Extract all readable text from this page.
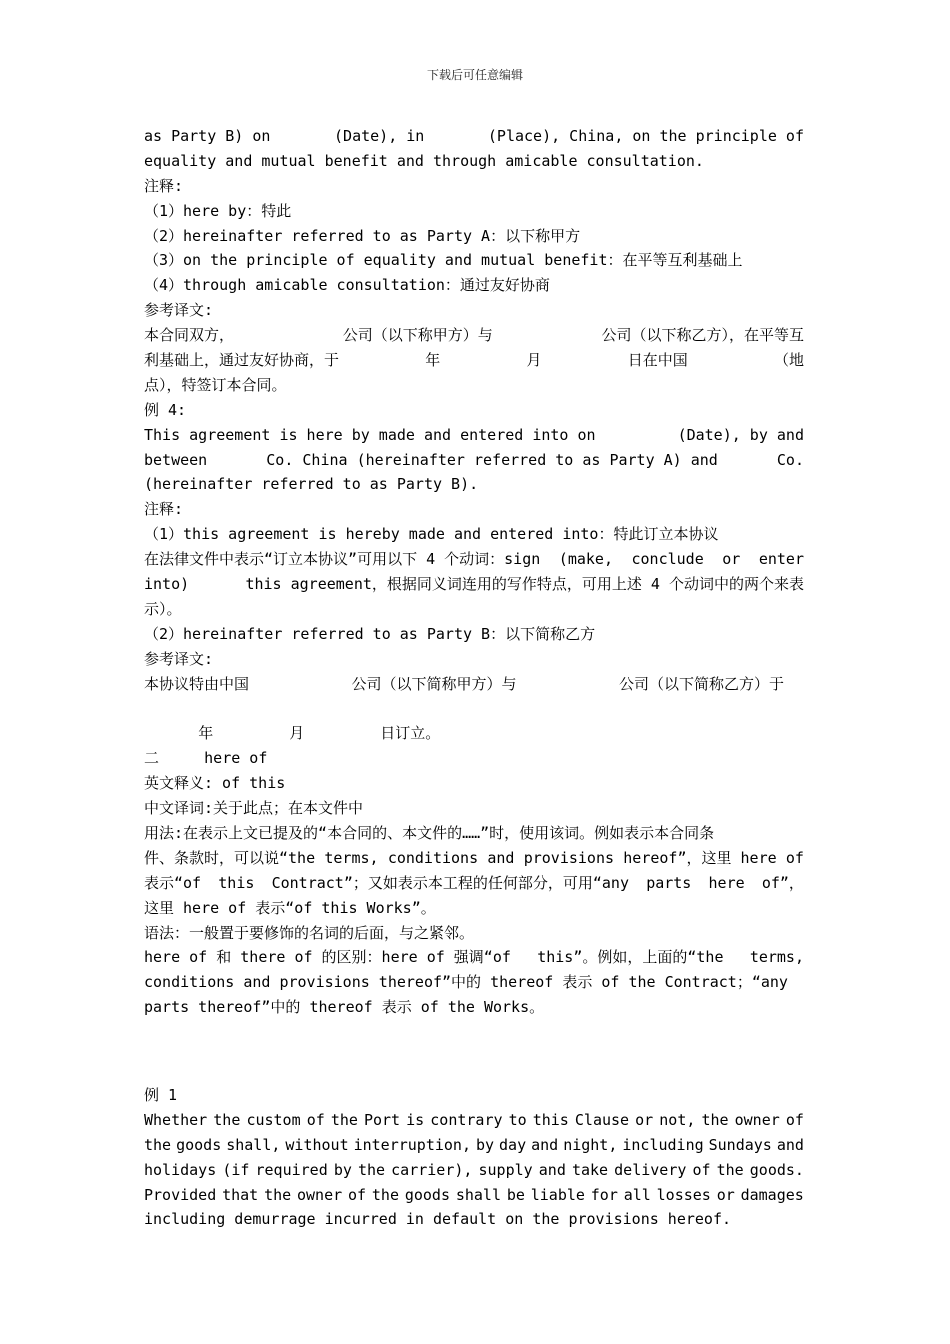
下载后可任意编辑
as Party B) on	(Date), in	(Place), China, on the principle of
equality and mutual benefit and through amicable consultation.
注释:
（1）here by：特此
（2）hereinafter referred to as Party A：以下称甲方
（3）on the principle of equality and mutual benefit：在平等互利基础上
（4）through amicable consultation：通过友好协商
参考译文:
本合同双方，	公司（以下称甲方）与	公司（以下称乙方），在平等互
利基础上，通过友好协商，于	年	月	日在中国	（地
点），特签订本合同。
例 4:
This agreement is here by made and entered into on	(Date), by and
between	Co. China (hereinafter referred to as Party A) and	Co.
(hereinafter referred to as Party B).
注释:
（1）this agreement is hereby made and entered into：特此订立本协议
在法律文件中表示“订立本协议”可用以下 4 个动词：sign (make, conclude or enter
into)	this agreement，根据同义词连用的写作特点，可用上述 4 个动词中的两个来表
示）。
（2）hereinafter referred to as Party B：以下简称乙方
参考译文:
本协议特由中国	公司（以下简称甲方）与	公司（以下简称乙方）于

年	月	日订立。

二     here of
英文释义: of this
中文译词:关于此点；在本文件中
用法:在表示上文已提及的“本合同的、本文件的……”时，使用该词。例如表示本合同条
件、条款时，可以说“the terms, conditions and provisions hereof”，这里 here of
表示“of this Contract”；又如表示本工程的任何部分，可用“any parts here of”，
这里 here of 表示“of this Works”。
语法：一般置于要修饰的名词的后面，与之紧邻。
here of 和 there of 的区别：here of 强调“of this”。例如，上面的“the terms,
conditions and provisions thereof”中的 thereof 表示 of the Contract； “any
parts thereof”中的 thereof 表示 of the Works。
例 1
Whether the custom of the Port is contrary to this Clause or not, the owner of
the goods shall, without interruption, by day and night, including Sundays and
holidays (if required by the carrier), supply and take delivery of the goods.
Provided that the owner of the goods shall be liable for all losses or damages
including demurrage incurred in default on the provisions hereof.
